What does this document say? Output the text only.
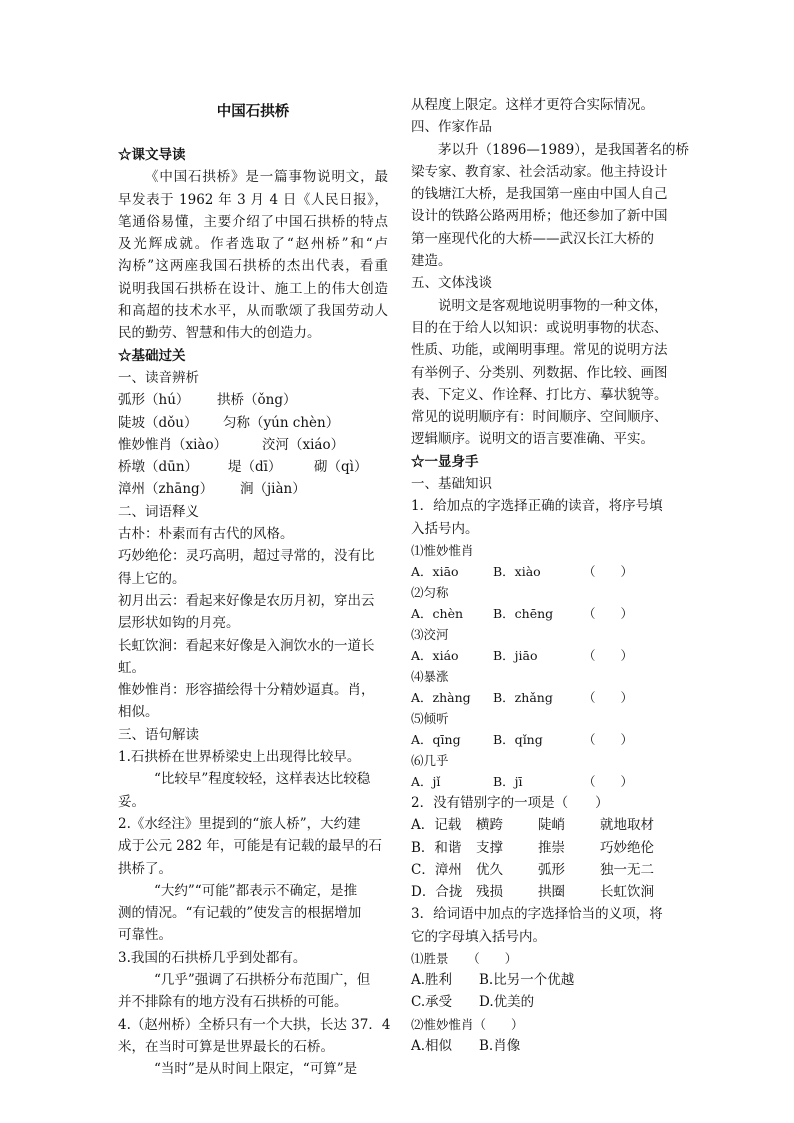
中国石拱桥
☆课文导读
《中国石拱桥》是一篇事物说明文，最
早发表于 1962 年 3 月 4 日《人民日报》，
笔通俗易懂，主要介绍了中国石拱桥的特点
及光辉成就。作者选取了“赵州桥”和“卢
沟桥”这两座我国石拱桥的杰出代表，看重
说明我国石拱桥在设计、施工上的伟大创造
和高超的技术水平，从而歌颂了我国劳动人
民的勤劳、智慧和伟大的创造力。
☆基础过关
一、读音辨析
弧形（hú） 拱桥（ǒng）
陡坡（dǒu） 匀称（yún chèn）
惟妙惟肖（xiào）	洨河（xiáo）
桥墩（dūn） 堤（dī） 砌（qì）
漳州（zhāng） 涧（jiàn）
二、词语释义
古朴：朴素而有古代的风格。
巧妙绝伦：灵巧高明，超过寻常的，没有比
得上它的。
初月出云：看起来好像是农历月初，穿出云
层形状如钩的月亮。
长虹饮涧：看起来好像是入涧饮水的一道长
虹。
惟妙惟肖：形容描绘得十分精妙逼真。肖，
相似。
三、语句解读
1.石拱桥在世界桥梁史上出现得比较早。
“比较早”程度较轻，这样表达比较稳
妥。
2.《水经注》里提到的“旅人桥”，大约建
成于公元 282 年，可能是有记载的最早的石
拱桥了。
“大约”“可能”都表示不确定，是推
测的情况。“有记载的”使发言的根据增加
可靠性。
3.我国的石拱桥几乎到处都有。
“几乎”强调了石拱桥分布范围广，但
并不排除有的地方没有石拱桥的可能。
4.（赵州桥）全桥只有一个大拱，长达 37．4
米，在当时可算是世界最长的石桥。
“当时”是从时间上限定，“可算”是
从程度上限定。这样才更符合实际情况。
四、作家作品
茅以升（1896—1989），是我国著名的桥
梁专家、教育家、社会活动家。他主持设计
的钱塘江大桥，是我国第一座由中国人自己
设计的铁路公路两用桥；他还参加了新中国
第一座现代化的大桥——武汉长江大桥的
建造。
五、文体浅谈
说明文是客观地说明事物的一种文体，
目的在于给人以知识：或说明事物的状态、
性质、功能，或阐明事理。常见的说明方法
有举例子、分类别、列数据、作比较、画图
表、下定义、作诠释、打比方、摹状貌等。
常见的说明顺序有：时间顺序、空间顺序、
逻辑顺序。说明文的语言要准确、平实。
☆一显身手
一、基础知识
1．给加点的字选择正确的读音，将序号填
入括号内。
⑴惟妙惟肖
A．xiāo	B．xiào	（　　）
⑵匀称
A．chèn	B．chēng	（　　）
⑶洨河
A．xiáo	B．jiāo	（　　）
⑷暴涨
A．zhàng	B．zhǎng	（　　）
⑸倾听
A．qīng	B．qǐng	（　　）
⑹几乎
A．jǐ	B．jī	（　　）
2．没有错别字的一项是（　　）
A．记载	横跨	陡峭	就地取材
B．和谐	支撑	推崇	巧妙绝伦
C．漳州	优久	弧形	独一无二
D．合拢	残损	拱圈	长虹饮涧
3．给词语中加点的字选择恰当的义项，将
它的字母填入括号内。
⑴胜景　　（　　）
A.胜利	B.比另一个优越
C.承受	D.优美的
⑵惟妙惟肖（　　）
A.相似	B.肖像
